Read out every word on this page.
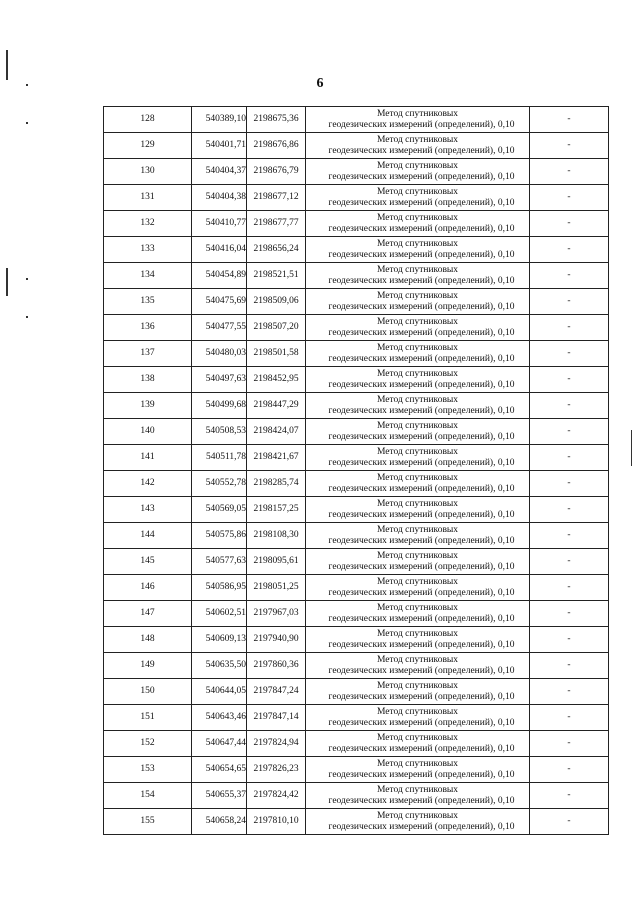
6
128	540389,10	2198675,36	Метод спутниковых
геодезических измерений (определений), 0,10	-
129	540401,71	2198676,86	Метод спутниковых
геодезических измерений (определений), 0,10	-
130	540404,37	2198676,79	Метод спутниковых
геодезических измерений (определений), 0,10	-
131	540404,38	2198677,12	Метод спутниковых
геодезических измерений (определений), 0,10	-
132	540410,77	2198677,77	Метод спутниковых
геодезических измерений (определений), 0,10	-
133	540416,04	2198656,24	Метод спутниковых
геодезических измерений (определений), 0,10	-
134	540454,89	2198521,51	Метод спутниковых
геодезических измерений (определений), 0,10	-
135	540475,69	2198509,06	Метод спутниковых
геодезических измерений (определений), 0,10	-
136	540477,55	2198507,20	Метод спутниковых
геодезических измерений (определений), 0,10	-
137	540480,03	2198501,58	Метод спутниковых
геодезических измерений (определений), 0,10	-
138	540497,63	2198452,95	Метод спутниковых
геодезических измерений (определений), 0,10	-
139	540499,68	2198447,29	Метод спутниковых
геодезических измерений (определений), 0,10	-
140	540508,53	2198424,07	Метод спутниковых
геодезических измерений (определений), 0,10	-
141	540511,78	2198421,67	Метод спутниковых
геодезических измерений (определений), 0,10	-
142	540552,78	2198285,74	Метод спутниковых
геодезических измерений (определений), 0,10	-
143	540569,05	2198157,25	Метод спутниковых
геодезических измерений (определений), 0,10	-
144	540575,86	2198108,30	Метод спутниковых
геодезических измерений (определений), 0,10	-
145	540577,63	2198095,61	Метод спутниковых
геодезических измерений (определений), 0,10	-
146	540586,95	2198051,25	Метод спутниковых
геодезических измерений (определений), 0,10	-
147	540602,51	2197967,03	Метод спутниковых
геодезических измерений (определений), 0,10	-
148	540609,13	2197940,90	Метод спутниковых
геодезических измерений (определений), 0,10	-
149	540635,50	2197860,36	Метод спутниковых
геодезических измерений (определений), 0,10	-
150	540644,05	2197847,24	Метод спутниковых
геодезических измерений (определений), 0,10	-
151	540643,46	2197847,14	Метод спутниковых
геодезических измерений (определений), 0,10	-
152	540647,44	2197824,94	Метод спутниковых
геодезических измерений (определений), 0,10	-
153	540654,65	2197826,23	Метод спутниковых
геодезических измерений (определений), 0,10	-
154	540655,37	2197824,42	Метод спутниковых
геодезических измерений (определений), 0,10	-
155	540658,24	2197810,10	Метод спутниковых
геодезических измерений (определений), 0,10	-
